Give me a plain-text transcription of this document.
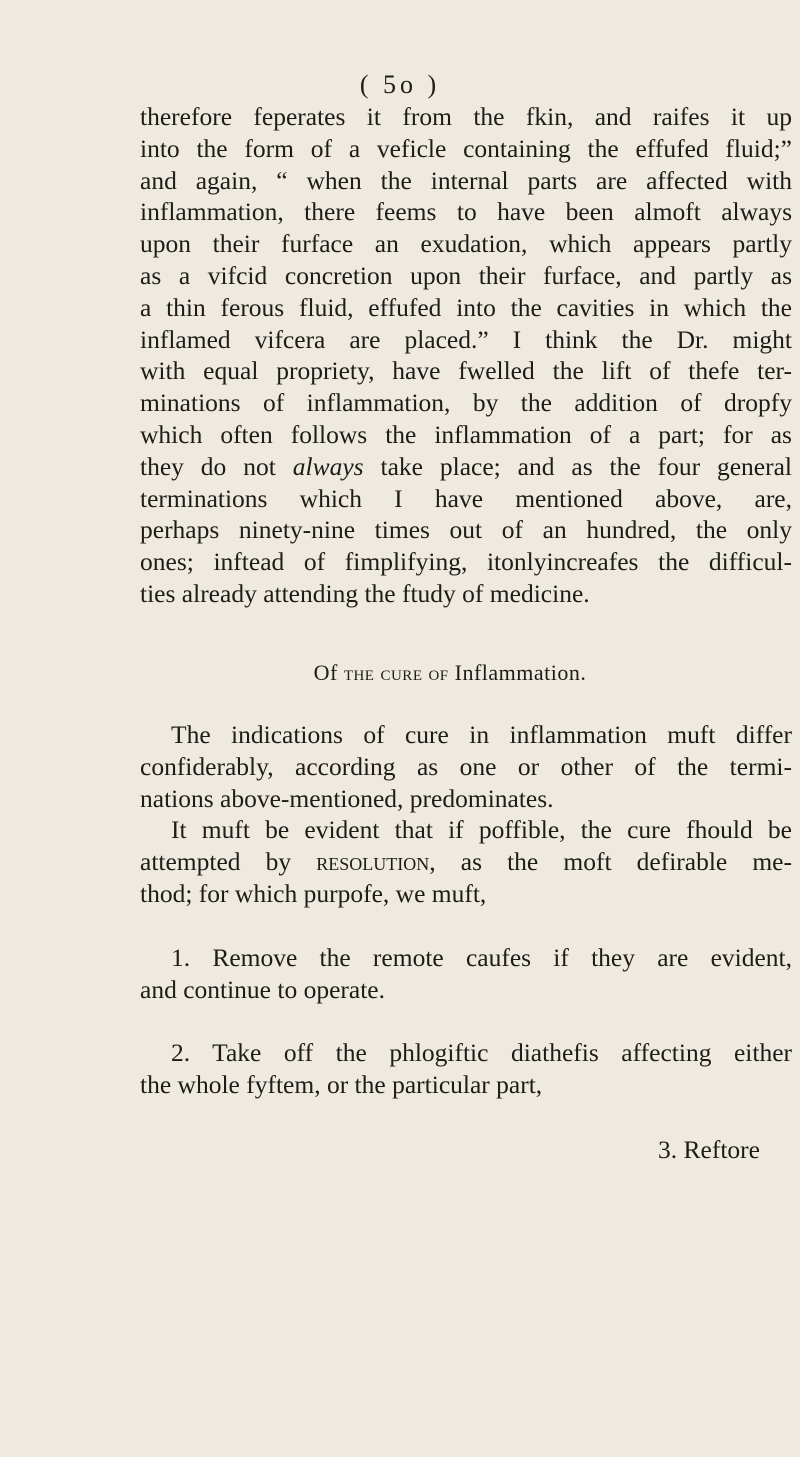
( 5o )
therefore feperates it from the fkin, and raifes it up
into the form of a veficle containing the effufed fluid;”
and again, “ when the internal parts are affected with
inflammation, there feems to have been almoft always
upon their furface an exudation, which appears partly
as a vifcid concretion upon their furface, and partly as
a thin ferous fluid, effufed into the cavities in which the
inflamed vifcera are placed.” I think the Dr. might
with equal propriety, have fwelled the lift of thefe ter-
minations of inflammation, by the addition of dropfy
which often follows the inflammation of a part; for as
they do not always take place; and as the four general
terminations which I have mentioned above, are,
perhaps ninety-nine times out of an hundred, the only
ones; inftead of fimplifying, itonlyincreafes the difficul-
ties already attending the ftudy of medicine.
Of the cure of Inflammation.
The indications of cure in inflammation muft differ
confiderably, according as one or other of the termi-
nations above-mentioned, predominates.
It muft be evident that if poffible, the cure fhould be
attempted by resolution, as the moft defirable me-
thod; for which purpofe, we muft,
1. Remove the remote caufes if they are evident,
and continue to operate.
2. Take off the phlogiftic diathefis affecting either
the whole fyftem, or the particular part,
3. Reftore
